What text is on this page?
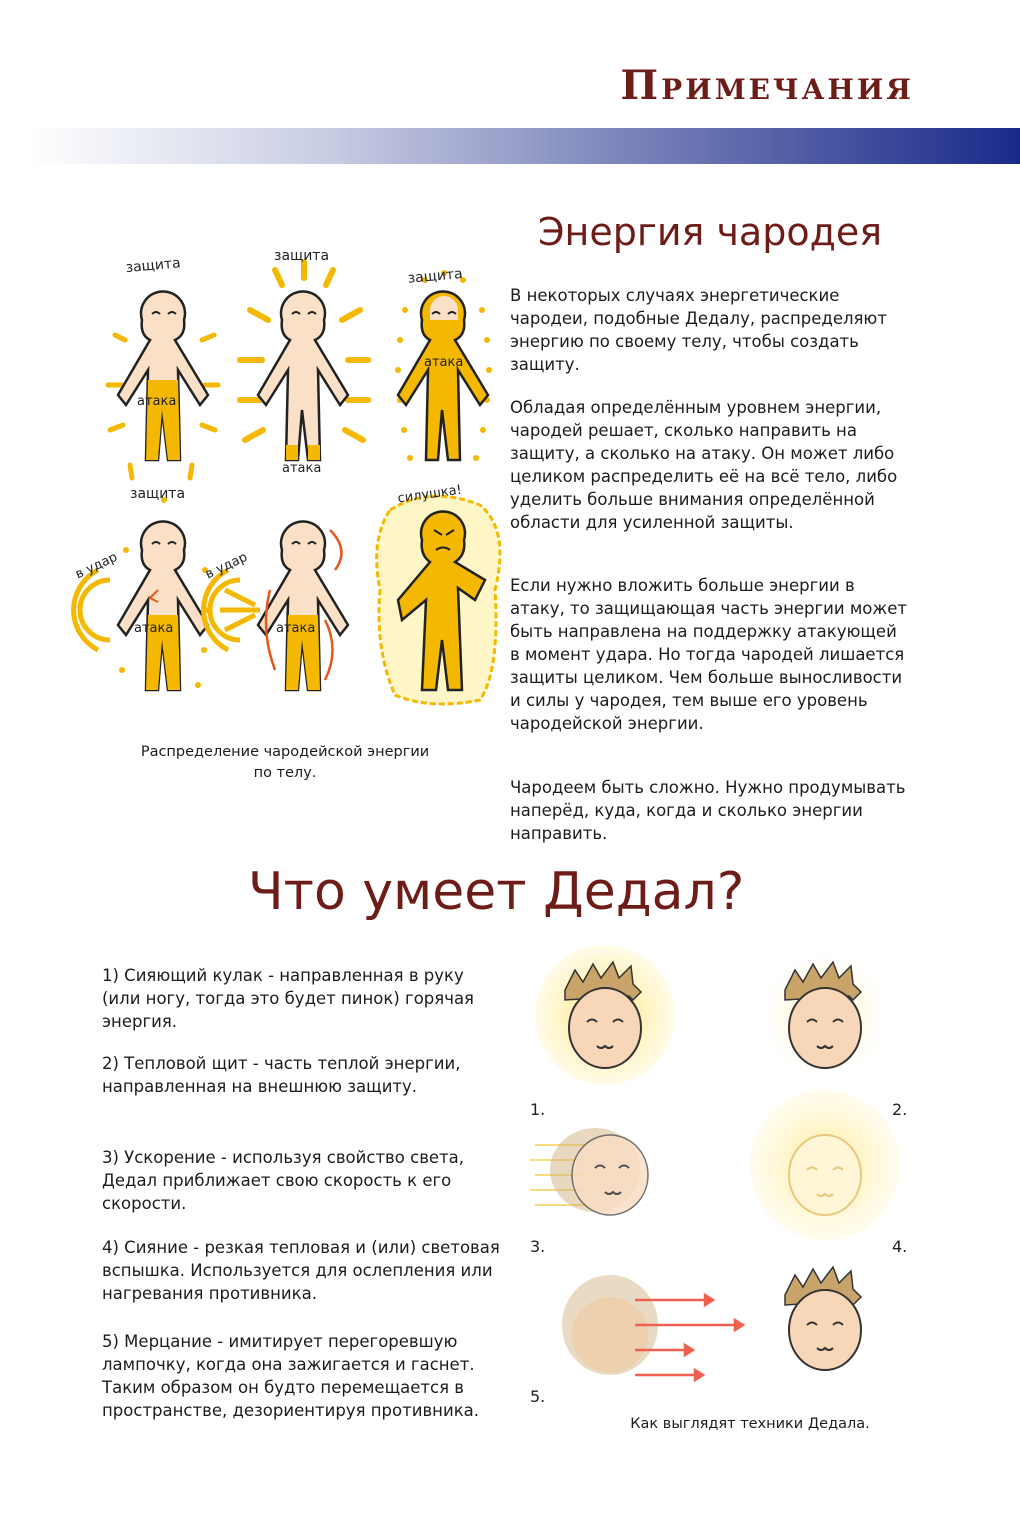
Примечания
атака
защита
атака
защита
атака
защита
атака
защита
в удар
атака
в удар
силушка!

Распределение чародейской энергии по телу.

Энергия чародея

В некоторых случаях энергетические чародеи, подобные Дедалу, распределяют энергию по своему телу, чтобы создать защиту.

Обладая определённым уровнем энергии, чародей решает, сколько направить на защиту, а сколько на атаку. Он может либо целиком распределить её на всё тело, либо уделить больше внимания определённой области для усиленной защиты.

Если нужно вложить больше энергии в атаку, то защищающая часть энергии может быть направлена на поддержку атакующей в момент удара. Но тогда чародей лишается защиты целиком. Чем больше выносливости и силы у чародея, тем выше его уровень чародейской энергии.

Чародеем быть сложно. Нужно продумывать наперёд, куда, когда и сколько энергии направить.

Что умеет Дедал?

1) Сияющий кулак - направленная в руку (или ногу, тогда это будет пинок) горячая энергия.

2) Тепловой щит - часть теплой энергии, направленная на внешнюю защиту.

3) Ускорение - используя свойство света, Дедал приближает свою скорость к его скорости.

4) Сияние - резкая тепловая и (или) световая вспышка. Используется для ослепления или нагревания противника.

5) Мерцание - имитирует перегоревшую лампочку, когда она зажигается и гаснет. Таким образом он будто перемещается в пространстве, дезориентируя противника.

1.	2.
3.	4.
5.

Как выглядят техники Дедала.
